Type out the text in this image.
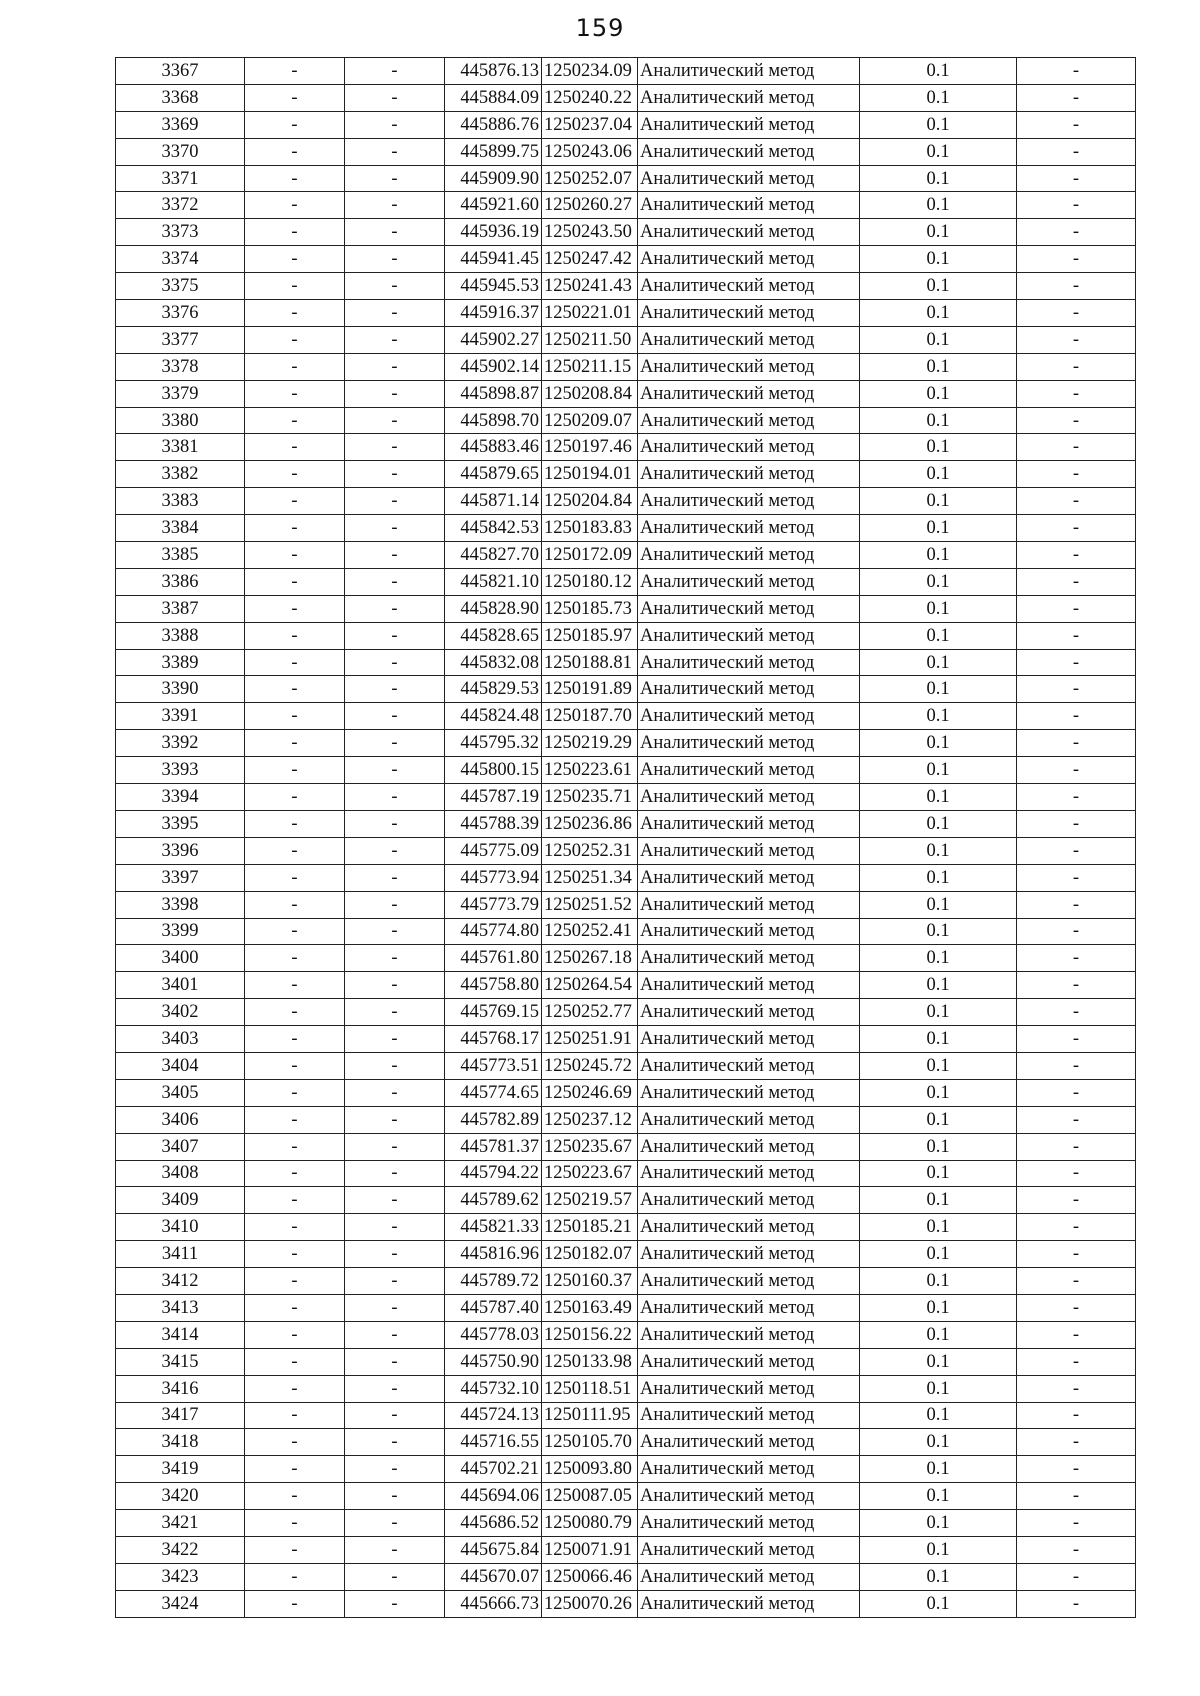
159
3367	-	-	445876.13	1250234.09	Аналитический метод	0.1	-
3368	-	-	445884.09	1250240.22	Аналитический метод	0.1	-
3369	-	-	445886.76	1250237.04	Аналитический метод	0.1	-
3370	-	-	445899.75	1250243.06	Аналитический метод	0.1	-
3371	-	-	445909.90	1250252.07	Аналитический метод	0.1	-
3372	-	-	445921.60	1250260.27	Аналитический метод	0.1	-
3373	-	-	445936.19	1250243.50	Аналитический метод	0.1	-
3374	-	-	445941.45	1250247.42	Аналитический метод	0.1	-
3375	-	-	445945.53	1250241.43	Аналитический метод	0.1	-
3376	-	-	445916.37	1250221.01	Аналитический метод	0.1	-
3377	-	-	445902.27	1250211.50	Аналитический метод	0.1	-
3378	-	-	445902.14	1250211.15	Аналитический метод	0.1	-
3379	-	-	445898.87	1250208.84	Аналитический метод	0.1	-
3380	-	-	445898.70	1250209.07	Аналитический метод	0.1	-
3381	-	-	445883.46	1250197.46	Аналитический метод	0.1	-
3382	-	-	445879.65	1250194.01	Аналитический метод	0.1	-
3383	-	-	445871.14	1250204.84	Аналитический метод	0.1	-
3384	-	-	445842.53	1250183.83	Аналитический метод	0.1	-
3385	-	-	445827.70	1250172.09	Аналитический метод	0.1	-
3386	-	-	445821.10	1250180.12	Аналитический метод	0.1	-
3387	-	-	445828.90	1250185.73	Аналитический метод	0.1	-
3388	-	-	445828.65	1250185.97	Аналитический метод	0.1	-
3389	-	-	445832.08	1250188.81	Аналитический метод	0.1	-
3390	-	-	445829.53	1250191.89	Аналитический метод	0.1	-
3391	-	-	445824.48	1250187.70	Аналитический метод	0.1	-
3392	-	-	445795.32	1250219.29	Аналитический метод	0.1	-
3393	-	-	445800.15	1250223.61	Аналитический метод	0.1	-
3394	-	-	445787.19	1250235.71	Аналитический метод	0.1	-
3395	-	-	445788.39	1250236.86	Аналитический метод	0.1	-
3396	-	-	445775.09	1250252.31	Аналитический метод	0.1	-
3397	-	-	445773.94	1250251.34	Аналитический метод	0.1	-
3398	-	-	445773.79	1250251.52	Аналитический метод	0.1	-
3399	-	-	445774.80	1250252.41	Аналитический метод	0.1	-
3400	-	-	445761.80	1250267.18	Аналитический метод	0.1	-
3401	-	-	445758.80	1250264.54	Аналитический метод	0.1	-
3402	-	-	445769.15	1250252.77	Аналитический метод	0.1	-
3403	-	-	445768.17	1250251.91	Аналитический метод	0.1	-
3404	-	-	445773.51	1250245.72	Аналитический метод	0.1	-
3405	-	-	445774.65	1250246.69	Аналитический метод	0.1	-
3406	-	-	445782.89	1250237.12	Аналитический метод	0.1	-
3407	-	-	445781.37	1250235.67	Аналитический метод	0.1	-
3408	-	-	445794.22	1250223.67	Аналитический метод	0.1	-
3409	-	-	445789.62	1250219.57	Аналитический метод	0.1	-
3410	-	-	445821.33	1250185.21	Аналитический метод	0.1	-
3411	-	-	445816.96	1250182.07	Аналитический метод	0.1	-
3412	-	-	445789.72	1250160.37	Аналитический метод	0.1	-
3413	-	-	445787.40	1250163.49	Аналитический метод	0.1	-
3414	-	-	445778.03	1250156.22	Аналитический метод	0.1	-
3415	-	-	445750.90	1250133.98	Аналитический метод	0.1	-
3416	-	-	445732.10	1250118.51	Аналитический метод	0.1	-
3417	-	-	445724.13	1250111.95	Аналитический метод	0.1	-
3418	-	-	445716.55	1250105.70	Аналитический метод	0.1	-
3419	-	-	445702.21	1250093.80	Аналитический метод	0.1	-
3420	-	-	445694.06	1250087.05	Аналитический метод	0.1	-
3421	-	-	445686.52	1250080.79	Аналитический метод	0.1	-
3422	-	-	445675.84	1250071.91	Аналитический метод	0.1	-
3423	-	-	445670.07	1250066.46	Аналитический метод	0.1	-
3424	-	-	445666.73	1250070.26	Аналитический метод	0.1	-
